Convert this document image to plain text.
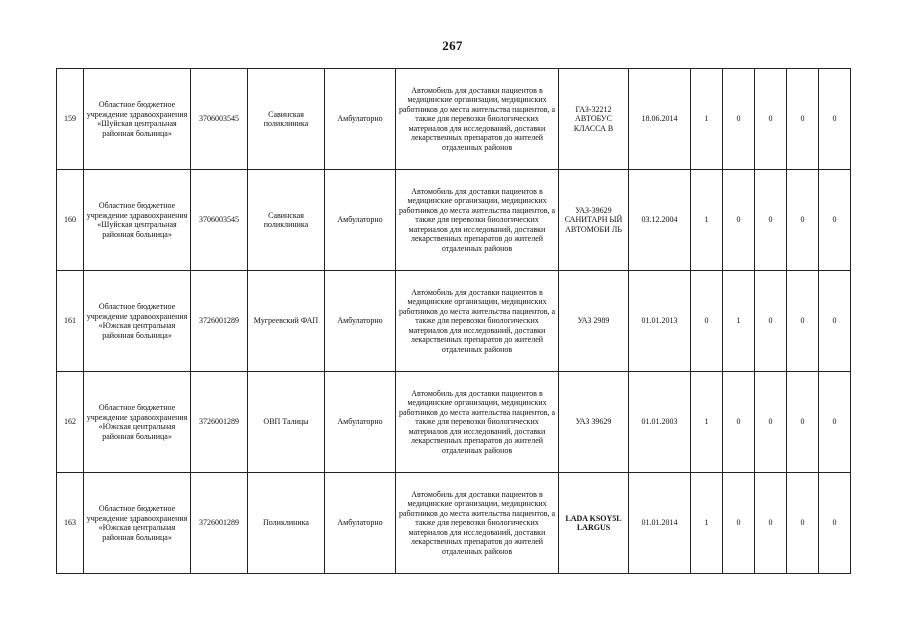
267
159	Областное бюджетное учреждение здравоохранения «Шуйская центральная районная больница»	3706003545	Савинская поликлиника	Амбулаторно	Автомобиль для доставки пациентов в медицинские организации, медицинских работников до места жительства пациентов, а также для перевозки биологических материалов для исследований, доставки лекарственных препаратов до жителей отдаленных районов	ГАЗ-32212 АВТОБУС КЛАССА В	18.06.2014	1	0	0	0	0
160	Областное бюджетное учреждение здравоохранения «Шуйская центральная районная больница»	3706003545	Савинская поликлиника	Амбулаторно	Автомобиль для доставки пациентов в медицинские организации, медицинских работников до места жительства пациентов, а также для перевозки биологических материалов для исследований, доставки лекарственных препаратов до жителей отдаленных районов	УАЗ-39629 САНИТАРН ЫЙ АВТОМОБИ ЛЬ	03.12.2004	1	0	0	0	0
161	Областное бюджетное учреждение здравоохранения «Южская центральная районная больница»	3726001289	Мугреевский ФАП	Амбулаторно	Автомобиль для доставки пациентов в медицинские организации, медицинских работников до места жительства пациентов, а также для перевозки биологических материалов для исследований, доставки лекарственных препаратов до жителей отдаленных районов	УАЗ 2989	01.01.2013	0	1	0	0	0
162	Областное бюджетное учреждение здравоохранения «Южская центральная районная больница»	3726001289	ОВП Талицы	Амбулаторно	Автомобиль для доставки пациентов в медицинские организации, медицинских работников до места жительства пациентов, а также для перевозки биологических материалов для исследований, доставки лекарственных препаратов до жителей отдаленных районов	УАЗ 39629	01.01.2003	1	0	0	0	0
163	Областное бюджетное учреждение здравоохранения «Южская центральная районная больница»	3726001289	Поликлиника	Амбулаторно	Автомобиль для доставки пациентов в медицинские организации, медицинских работников до места жительства пациентов, а также для перевозки биологических материалов для исследований, доставки лекарственных препаратов до жителей отдаленных районов	LADA KSOY5L LARGUS	01.01.2014	1	0	0	0	0
